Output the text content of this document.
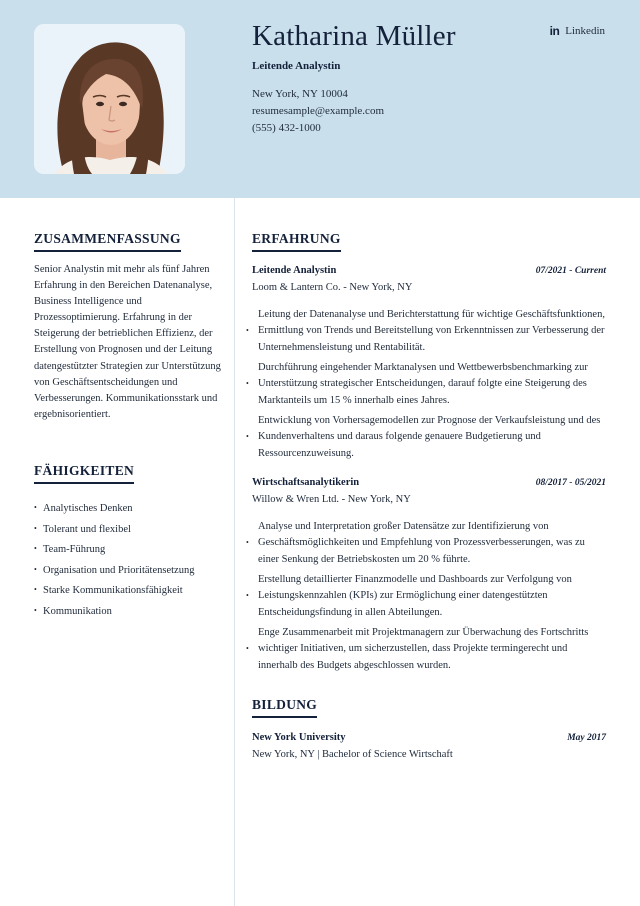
Katharina Müller
Leitende Analystin
New York, NY 10004
resumesample@example.com
(555) 432-1000
in Linkedin
ZUSAMMENFASSUNG
Senior Analystin mit mehr als fünf Jahren Erfahrung in den Bereichen Datenanalyse, Business Intelligence und Prozessoptimierung. Erfahrung in der Steigerung der betrieblichen Effizienz, der Erstellung von Prognosen und der Leitung datengestützter Strategien zur Unterstützung von Geschäftsentscheidungen und Verbesserungen. Kommunikationsstark und ergebnisorientiert.
FÄHIGKEITEN
• Analytisches Denken
• Tolerant und flexibel
• Team-Führung
• Organisation und Prioritätensetzung
• Starke Kommunikationsfähigkeit
• Kommunikation
ERFAHRUNG
Leitende Analystin	07/2021 - Current
Loom & Lantern Co. - New York, NY
•
Leitung der Datenanalyse und Berichterstattung für wichtige Geschäftsfunktionen, Ermittlung von Trends und Bereitstellung von Erkenntnissen zur Verbesserung der Unternehmensleistung und Rentabilität.
•
Durchführung eingehender Marktanalysen und Wettbewerbsbenchmarking zur Unterstützung strategischer Entscheidungen, darauf folgte eine Steigerung des Marktanteils um 15 % innerhalb eines Jahres.
•
Entwicklung von Vorhersagemodellen zur Prognose der Verkaufsleistung und des Kundenverhaltens und daraus folgende genauere Budgetierung und Ressourcenzuweisung.
Wirtschaftsanalytikerin	08/2017 - 05/2021
Willow & Wren Ltd. - New York, NY
•
Analyse und Interpretation großer Datensätze zur Identifizierung von Geschäftsmöglichkeiten und Empfehlung von Prozessverbesserungen, was zu einer Senkung der Betriebskosten um 20 % führte.
•
Erstellung detaillierter Finanzmodelle und Dashboards zur Verfolgung von Leistungskennzahlen (KPIs) zur Ermöglichung einer datengestützten Entscheidungsfindung in allen Abteilungen.
•
Enge Zusammenarbeit mit Projektmanagern zur Überwachung des Fortschritts wichtiger Initiativen, um sicherzustellen, dass Projekte termingerecht und innerhalb des Budgets abgeschlossen wurden.
BILDUNG
New York University	May 2017
New York, NY | Bachelor of Science Wirtschaft
